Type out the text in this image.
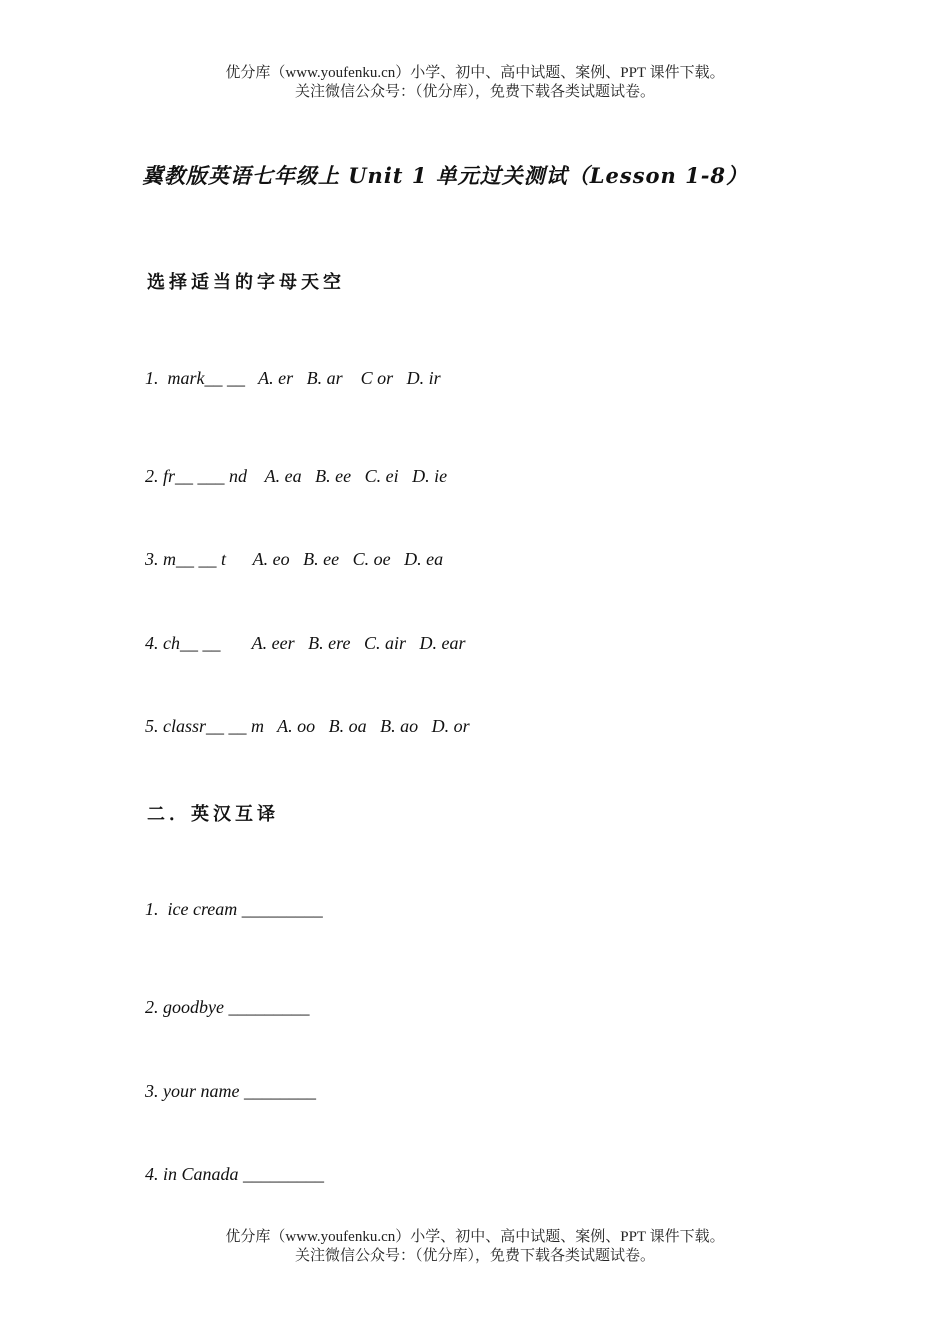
优分库（www.youfenku.cn）小学、初中、高中试题、案例、PPT 课件下载。
关注微信公众号：（优分库），免费下载各类试题试卷。
冀教版英语七年级上 Unit 1 单元过关测试（Lesson 1-8）
选择适当的字母天空
1.  mark__ __   A. er   B. ar    C or   D. ir
2. fr__ ___ nd    A. ea   B. ee   C. ei   D. ie
3. m__ __ t      A. eo   B. ee   C. oe   D. ea
4. ch__ __       A. eer   B. ere   C. air   D. ear
5. classr__ __ m   A. oo   B. oa   B. ao   D. or
二．英汉互译
1.  ice cream _________
2. goodbye _________
3. your name ________
4. in Canada _________
优分库（www.youfenku.cn）小学、初中、高中试题、案例、PPT 课件下载。
关注微信公众号：（优分库），免费下载各类试题试卷。
